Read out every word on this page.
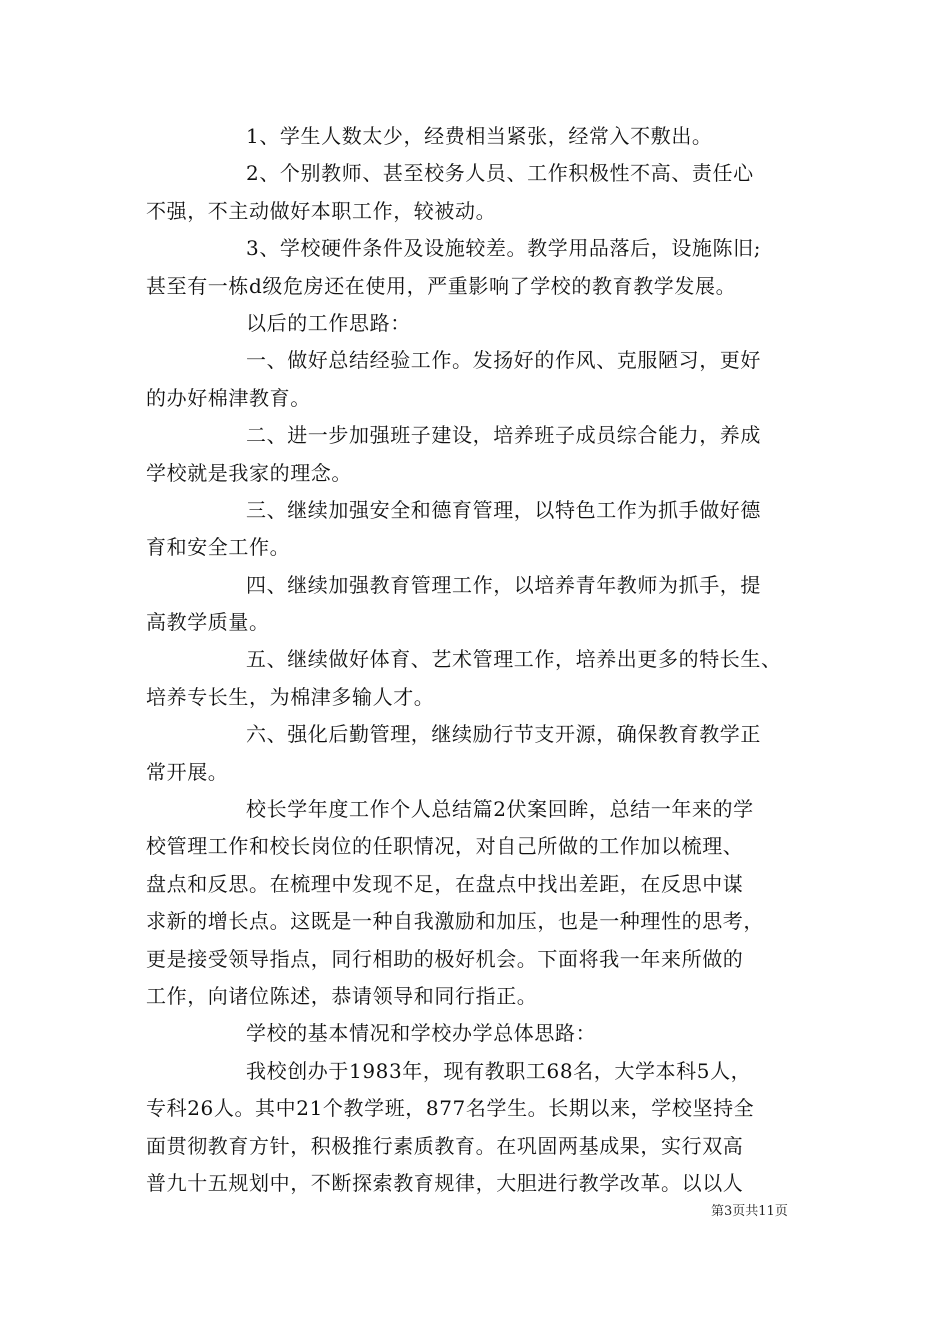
1、学生人数太少，经费相当紧张，经常入不敷出。
2、个别教师、甚至校务人员、工作积极性不高、责任心
不强，不主动做好本职工作，较被动。
3、学校硬件条件及设施较差。教学用品落后，设施陈旧;
甚至有一栋d级危房还在使用，严重影响了学校的教育教学发展。
以后的工作思路：
一、做好总结经验工作。发扬好的作风、克服陋习，更好
的办好棉津教育。
二、进一步加强班子建设，培养班子成员综合能力，养成
学校就是我家的理念。
三、继续加强安全和德育管理，以特色工作为抓手做好德
育和安全工作。
四、继续加强教育管理工作，以培养青年教师为抓手，提
高教学质量。
五、继续做好体育、艺术管理工作，培养出更多的特长生、
培养专长生，为棉津多输人才。
六、强化后勤管理，继续励行节支开源，确保教育教学正
常开展。
校长学年度工作个人总结篇2伏案回眸，总结一年来的学
校管理工作和校长岗位的任职情况，对自己所做的工作加以梳理、
盘点和反思。在梳理中发现不足，在盘点中找出差距，在反思中谋
求新的增长点。这既是一种自我激励和加压，也是一种理性的思考，
更是接受领导指点，同行相助的极好机会。下面将我一年来所做的
工作，向诸位陈述，恭请领导和同行指正。
学校的基本情况和学校办学总体思路：
我校创办于1983年，现有教职工68名，大学本科5人，
专科26人。其中21个教学班，877名学生。长期以来，学校坚持全
面贯彻教育方针，积极推行素质教育。在巩固两基成果，实行双高
普九十五规划中，不断探索教育规律，大胆进行教学改革。以以人
第3页共11页
